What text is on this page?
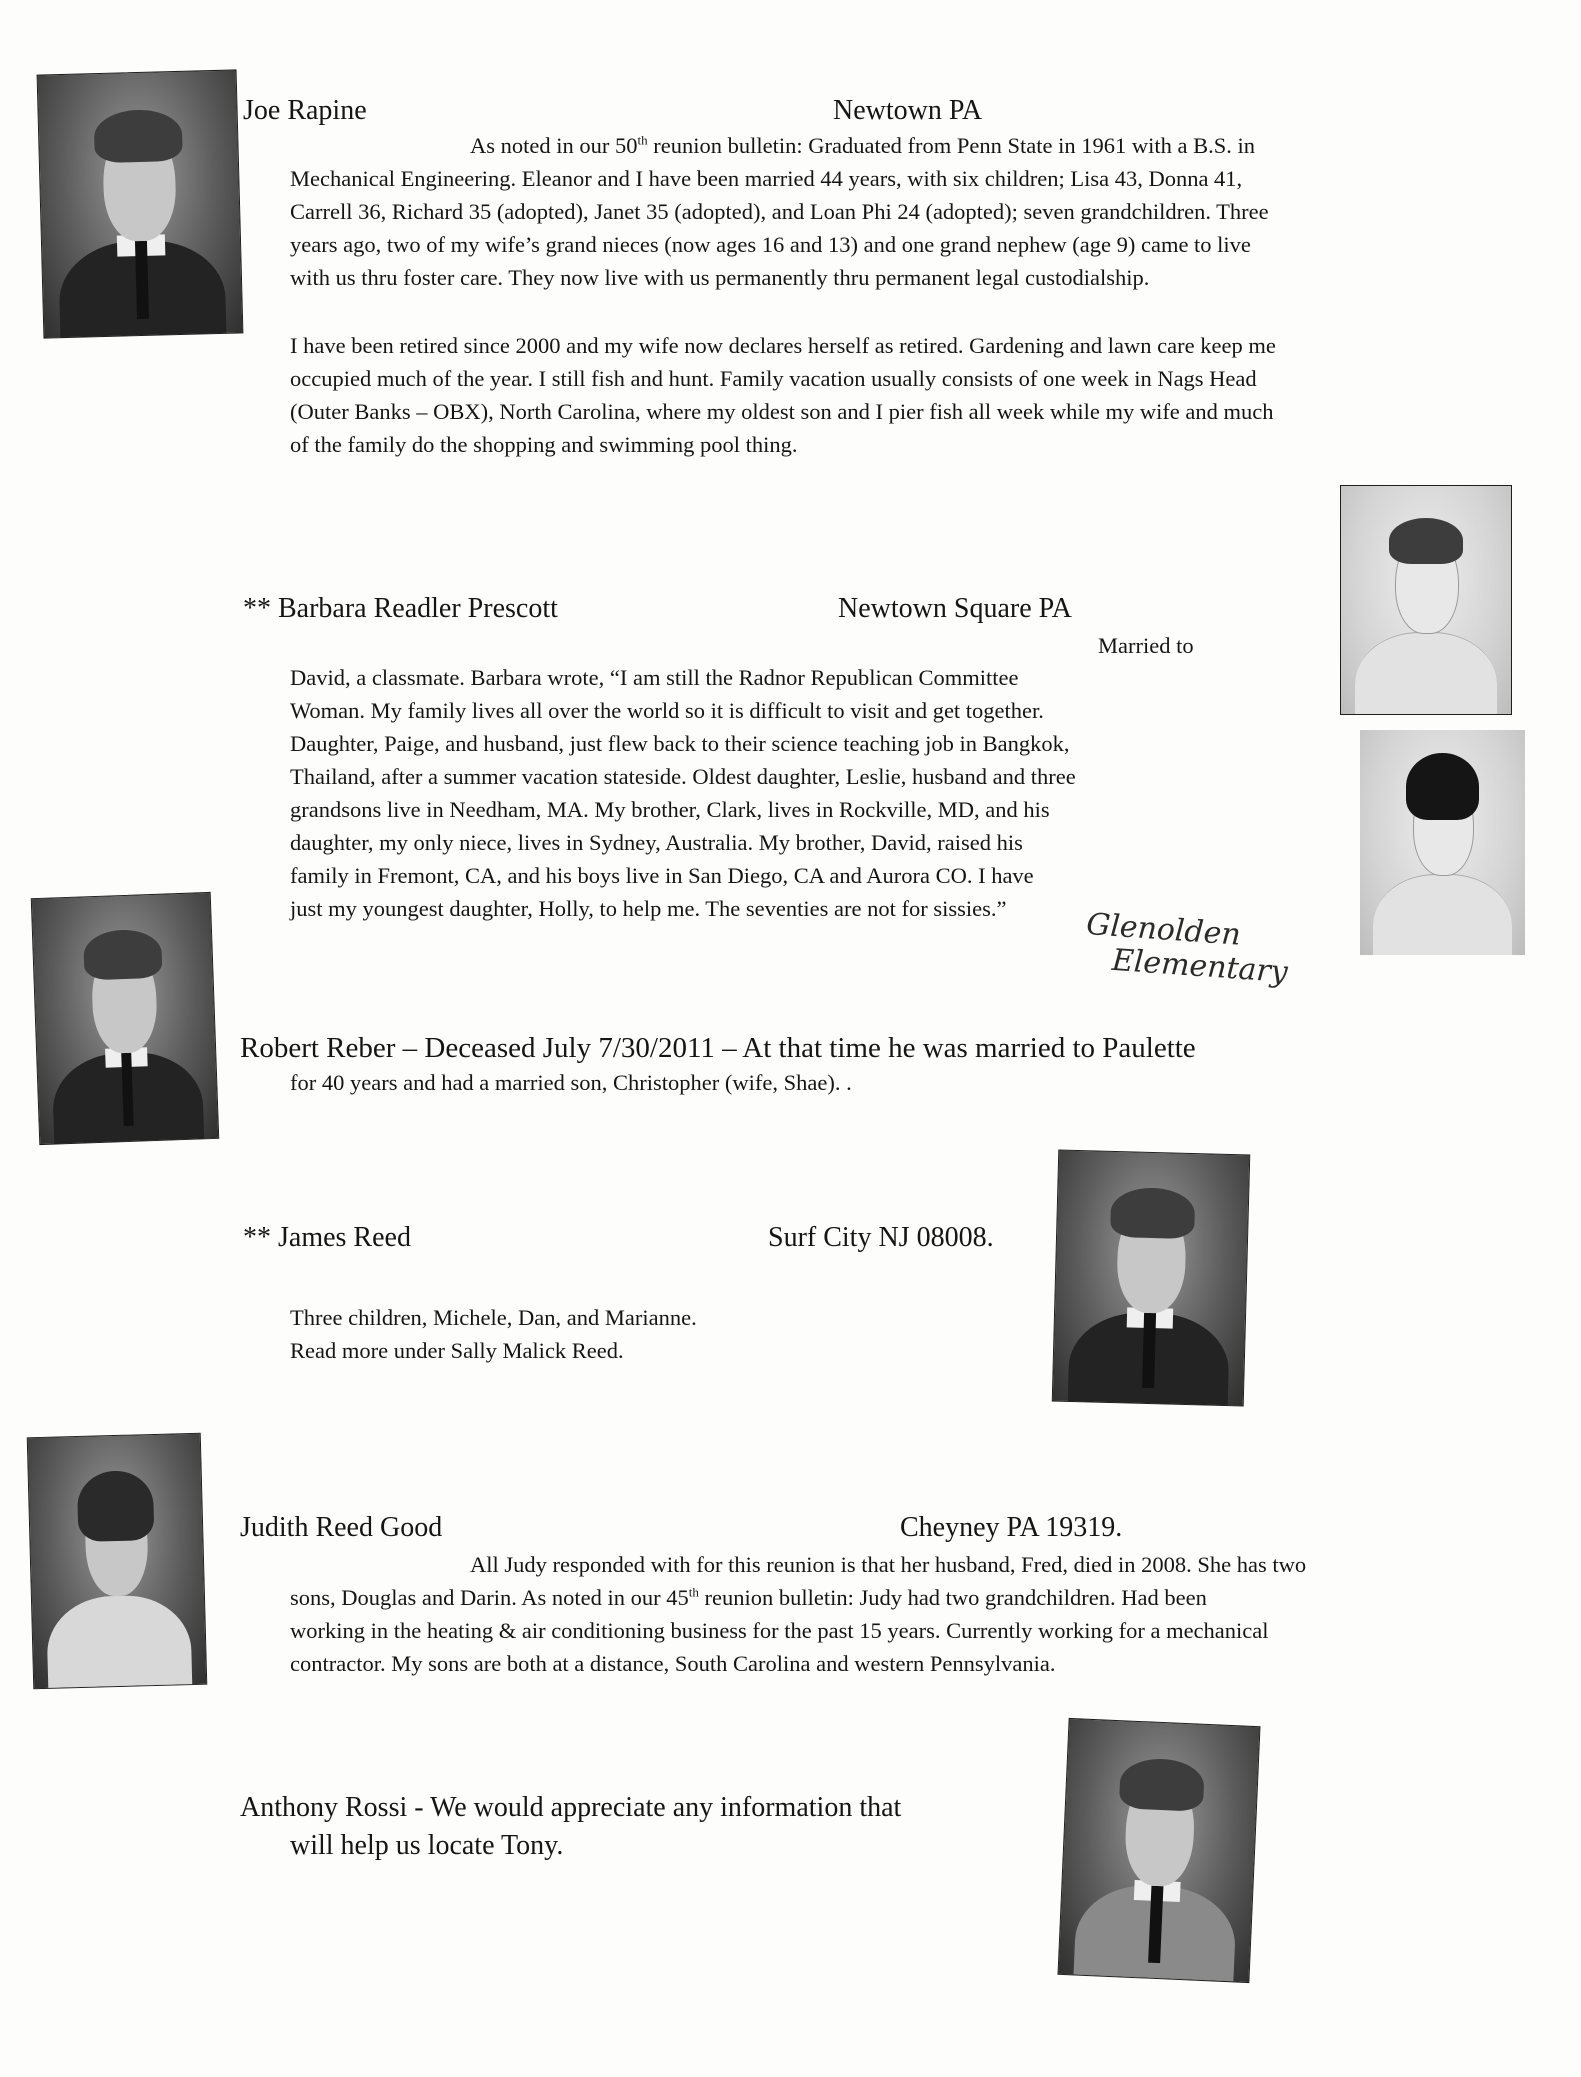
Joe Rapine	Newtown PA
As noted in our 50th reunion bulletin: Graduated from Penn State in 1961 with a B.S. in
Mechanical Engineering. Eleanor and I have been married 44 years, with six children; Lisa 43, Donna 41,
Carrell 36, Richard 35 (adopted), Janet 35 (adopted), and Loan Phi 24 (adopted); seven grandchildren. Three
years ago, two of my wife’s grand nieces (now ages 16 and 13) and one grand nephew (age 9) came to live
with us thru foster care. They now live with us permanently thru permanent legal custodialship.
I have been retired since 2000 and my wife now declares herself as retired. Gardening and lawn care keep me
occupied much of the year. I still fish and hunt. Family vacation usually consists of one week in Nags Head
(Outer Banks – OBX), North Carolina, where my oldest son and I pier fish all week while my wife and much
of the family do the shopping and swimming pool thing.
** Barbara Readler Prescott	Newtown Square PA
Married to
David, a classmate. Barbara wrote, “I am still the Radnor Republican Committee
Woman. My family lives all over the world so it is difficult to visit and get together.
Daughter, Paige, and husband, just flew back to their science teaching job in Bangkok,
Thailand, after a summer vacation stateside. Oldest daughter, Leslie, husband and three
grandsons live in Needham, MA. My brother, Clark, lives in Rockville, MD, and his
daughter, my only niece, lives in Sydney, Australia. My brother, David, raised his
family in Fremont, CA, and his boys live in San Diego, CA and Aurora CO. I have
just my youngest daughter, Holly, to help me. The seventies are not for sissies.”	Glenolden
Elementary
Robert Reber – Deceased July 7/30/2011 – At that time he was married to Paulette
for 40 years and had a married son, Christopher (wife, Shae). .
** James Reed	Surf City NJ 08008.
Three children, Michele, Dan, and Marianne.
Read more under Sally Malick Reed.
Judith Reed Good	Cheyney PA 19319.
All Judy responded with for this reunion is that her husband, Fred, died in 2008. She has two
sons, Douglas and Darin. As noted in our 45th reunion bulletin: Judy had two grandchildren. Had been
working in the heating & air conditioning business for the past 15 years. Currently working for a mechanical
contractor. My sons are both at a distance, South Carolina and western Pennsylvania.
Anthony Rossi - We would appreciate any information that
will help us locate Tony.
